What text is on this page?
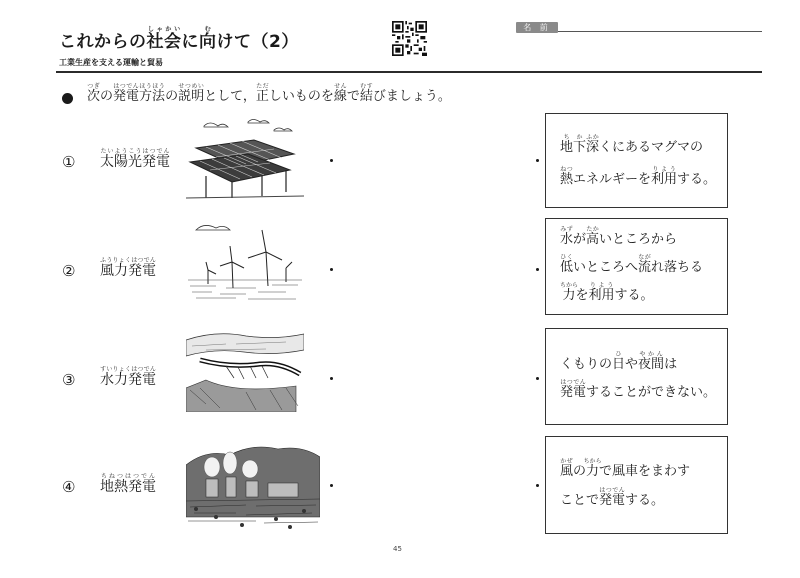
これからの社しゃ会かいに向むけて（2）
工業生産を支える運輸と貿易
名 前
次つぎの発電はつでん方法ほうほうの説明せつめいとして，正ただしいものを線せんで結むすびましょう。
① 太陽光発電たいようこうはつでん	地下ちか深ふかくにあるマグマの
熱ねつエネルギーを利用りようする。
② 風力発電ふうりょくはつでん
水みずが高たかいところから
低ひくいところへ流ながれ落ちる
力ちからを利用りようする。
③ 水力発電すいりょくはつでん	くもりの日ひや夜間やかんは
発電はつでんすることができない。
④ 地熱発電ちねつはつでん	風かぜの力ちからで風車をまわす
ことで発電はつでんする。
45
